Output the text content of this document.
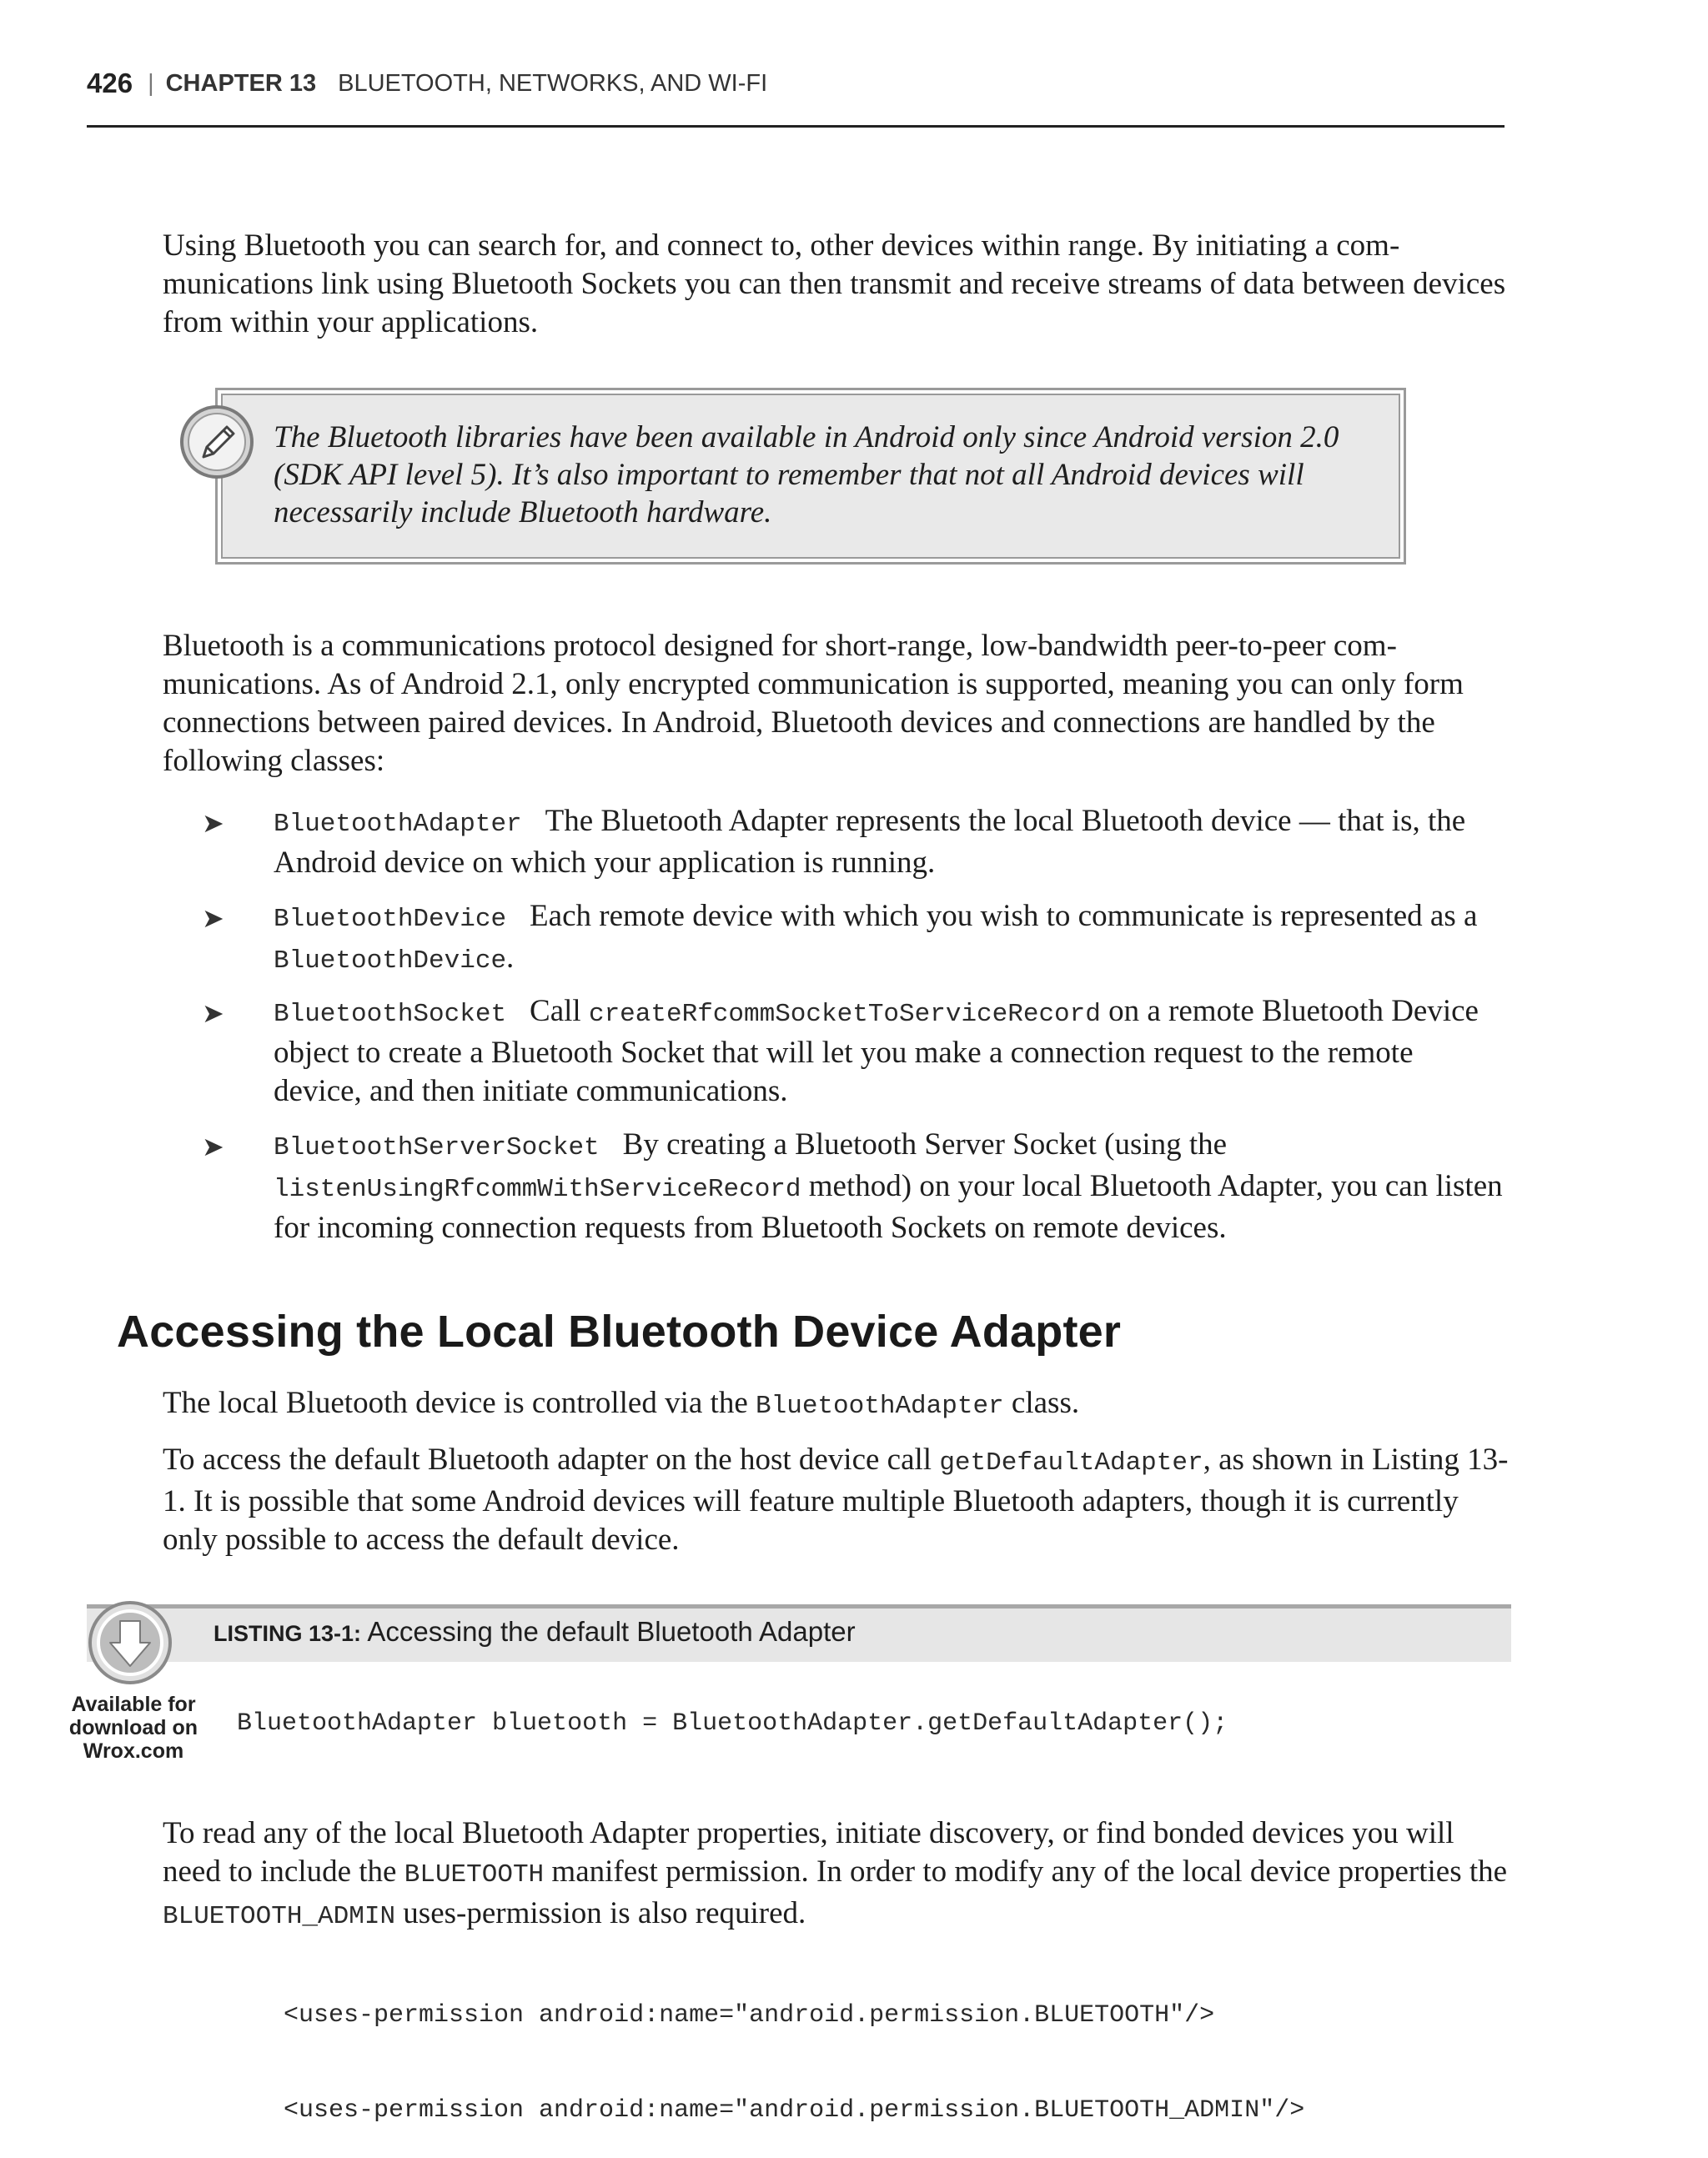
426 | CHAPTER 13 BLUETOOTH, NETWORKS, AND WI-FI

Using Bluetooth you can search for, and connect to, other devices within range. By initiating a communications link using Bluetooth Sockets you can then transmit and receive streams of data between devices from within your applications.

The Bluetooth libraries have been available in Android only since Android version 2.0 (SDK API level 5). It’s also important to remember that not all Android devices will necessarily include Bluetooth hardware.

Bluetooth is a communications protocol designed for short-range, low-bandwidth peer-to-peer communications. As of Android 2.1, only encrypted communication is supported, meaning you can only form connections between paired devices. In Android, Bluetooth devices and connections are handled by the following classes:

➤ BluetoothAdapter The Bluetooth Adapter represents the local Bluetooth device — that is, the Android device on which your application is running.

➤ BluetoothDevice Each remote device with which you wish to communicate is represented as a BluetoothDevice.

➤ BluetoothSocket Call createRfcommSocketToServiceRecord on a remote Bluetooth Device object to create a Bluetooth Socket that will let you make a connection request to the remote device, and then initiate communications.

➤ BluetoothServerSocket By creating a Bluetooth Server Socket (using the listenUsingRfcommWithServiceRecord method) on your local Bluetooth Adapter, you can listen for incoming connection requests from Bluetooth Sockets on remote devices.

Accessing the Local Bluetooth Device Adapter

The local Bluetooth device is controlled via the BluetoothAdapter class.

To access the default Bluetooth adapter on the host device call getDefaultAdapter, as shown in Listing 13-1. It is possible that some Android devices will feature multiple Bluetooth adapters, though it is currently only possible to access the default device.

LISTING 13-1: Accessing the default Bluetooth Adapter

Available for
download on
Wrox.com
BluetoothAdapter bluetooth = BluetoothAdapter.getDefaultAdapter();

To read any of the local Bluetooth Adapter properties, initiate discovery, or find bonded devices you will need to include the BLUETOOTH manifest permission. In order to modify any of the local device properties the BLUETOOTH_ADMIN uses-permission is also required.

<uses-permission android:name="android.permission.BLUETOOTH"/>

<uses-permission android:name="android.permission.BLUETOOTH_ADMIN"/>
